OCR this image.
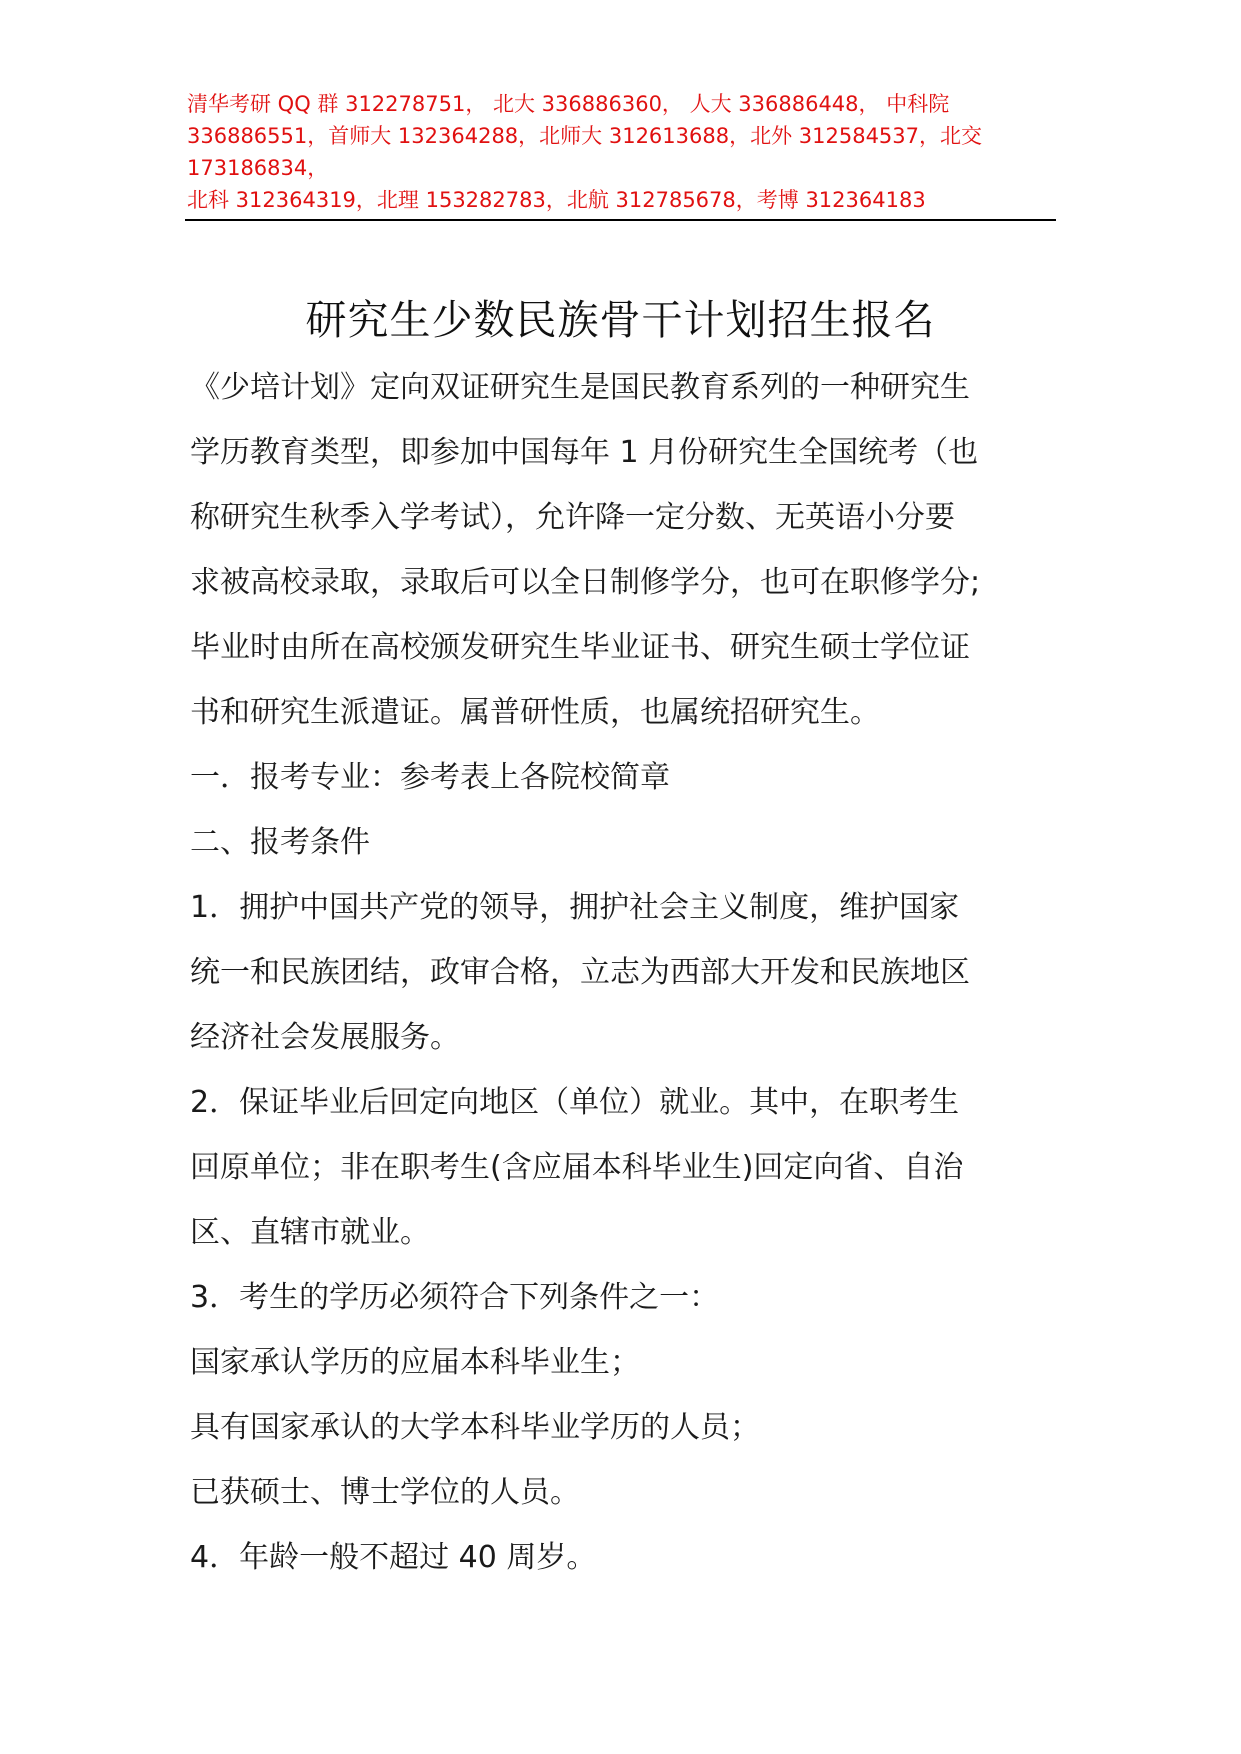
清华考研 QQ 群 312278751， 北大 336886360， 人大 336886448， 中科院
336886551，首师大 132364288，北师大 312613688，北外 312584537，北交
173186834，
北科 312364319，北理 153282783，北航 312785678，考博 312364183
研究生少数民族骨干计划招生报名
《少培计划》定向双证研究生是国民教育系列的一种研究生
学历教育类型，即参加中国每年 1 月份研究生全国统考（也
称研究生秋季入学考试），允许降一定分数、无英语小分要
求被高校录取，录取后可以全日制修学分，也可在职修学分;
毕业时由所在高校颁发研究生毕业证书、研究生硕士学位证
书和研究生派遣证。属普研性质，也属统招研究生。
一．报考专业：参考表上各院校简章
二、报考条件
1．拥护中国共产党的领导，拥护社会主义制度，维护国家
统一和民族团结，政审合格，立志为西部大开发和民族地区
经济社会发展服务。
2．保证毕业后回定向地区（单位）就业。其中，在职考生
回原单位；非在职考生(含应届本科毕业生)回定向省、自治
区、直辖市就业。
3．考生的学历必须符合下列条件之一：
国家承认学历的应届本科毕业生；
具有国家承认的大学本科毕业学历的人员；
已获硕士、博士学位的人员。
4．年龄一般不超过 40 周岁。
